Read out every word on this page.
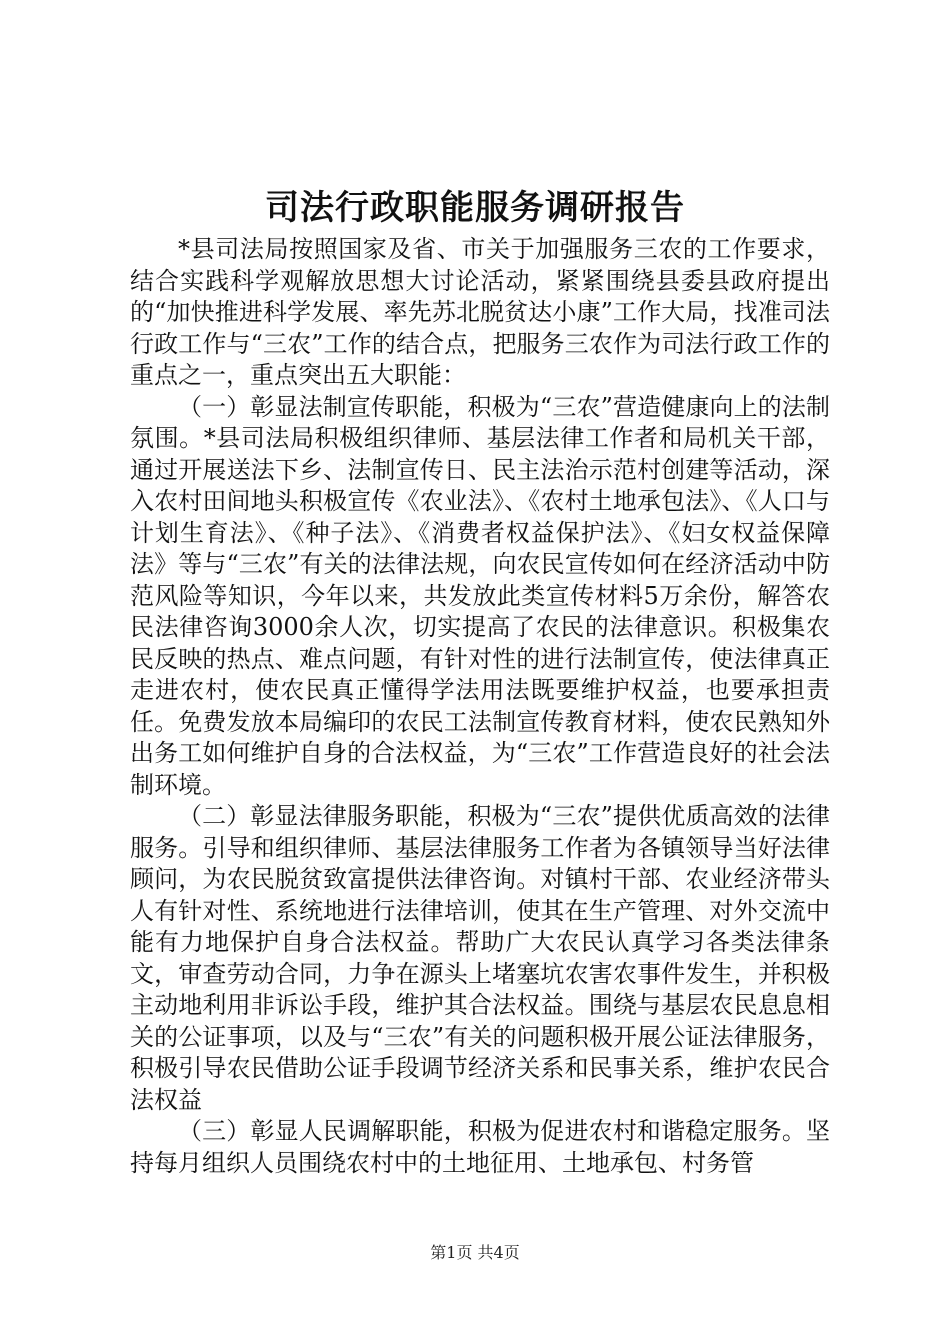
司法行政职能服务调研报告

*县司法局按照国家及省、市关于加强服务三农的工作要求，结合实践科学观解放思想大讨论活动，紧紧围绕县委县政府提出的“加快推进科学发展、率先苏北脱贫达小康”工作大局，找准司法行政工作与“三农”工作的结合点，把服务三农作为司法行政工作的重点之一，重点突出五大职能：

（一）彰显法制宣传职能，积极为“三农”营造健康向上的法制氛围。*县司法局积极组织律师、基层法律工作者和局机关干部，通过开展送法下乡、法制宣传日、民主法治示范村创建等活动，深入农村田间地头积极宣传《农业法》、《农村土地承包法》、《人口与计划生育法》、《种子法》、《消费者权益保护法》、《妇女权益保障法》等与“三农”有关的法律法规，向农民宣传如何在经济活动中防范风险等知识，今年以来，共发放此类宣传材料5万余份，解答农民法律咨询3000余人次，切实提高了农民的法律意识。积极集农民反映的热点、难点问题，有针对性的进行法制宣传，使法律真正走进农村，使农民真正懂得学法用法既要维护权益，也要承担责任。免费发放本局编印的农民工法制宣传教育材料，使农民熟知外出务工如何维护自身的合法权益，为“三农”工作营造良好的社会法制环境。

（二）彰显法律服务职能，积极为“三农”提供优质高效的法律服务。引导和组织律师、基层法律服务工作者为各镇领导当好法律顾问，为农民脱贫致富提供法律咨询。对镇村干部、农业经济带头人有针对性、系统地进行法律培训，使其在生产管理、对外交流中能有力地保护自身合法权益。帮助广大农民认真学习各类法律条文，审查劳动合同，力争在源头上堵塞坑农害农事件发生，并积极主动地利用非诉讼手段，维护其合法权益。围绕与基层农民息息相关的公证事项，以及与“三农”有关的问题积极开展公证法律服务，积极引导农民借助公证手段调节经济关系和民事关系，维护农民合法权益

（三）彰显人民调解职能，积极为促进农村和谐稳定服务。坚持每月组织人员围绕农村中的土地征用、土地承包、村务管

第1页 共4页
